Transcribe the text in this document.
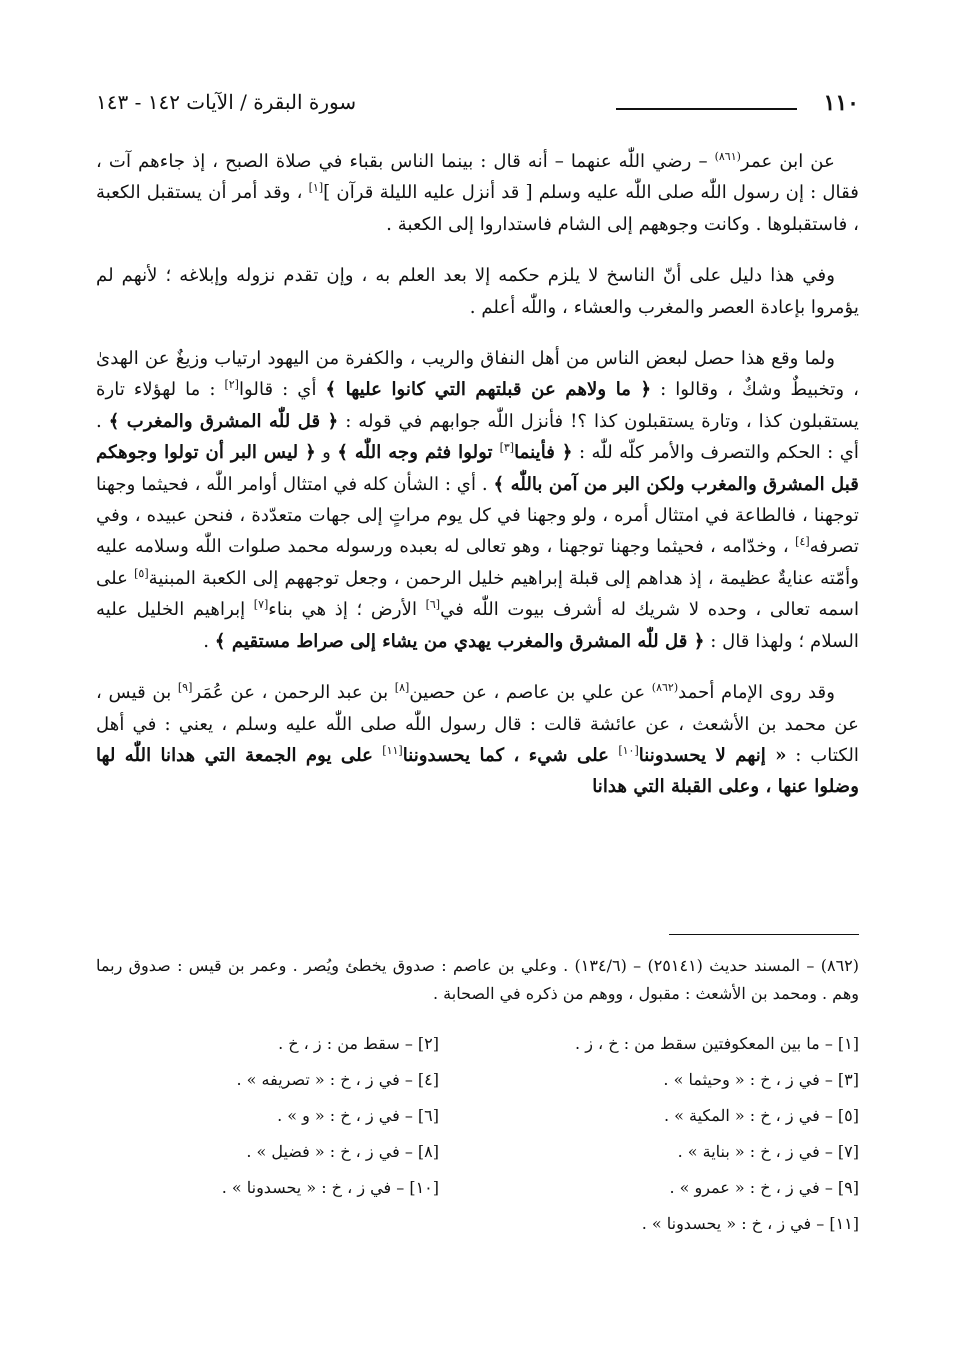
١١٠
سورة البقرة / الآيات ١٤٢ - ١٤٣

عن ابن عمر$^{(٨٦١)}$ – رضي اللّٰه عنهما – أنه قال : بينما الناس بقباء في صلاة الصبح ، إذ جاءهم آت ، فقال : إن رسول اللّٰه صلى اللّٰه عليه وسلم [ قد أنزل عليه الليلة قرآن ][١] ، وقد أمر أن يستقبل الكعبة ، فاستقبلوها . وكانت وجوههم إلى الشام فاستداروا إلى الكعبة .

وفي هذا دليل على أنّ الناسخ لا يلزم حكمه إلا بعد العلم به ، وإن تقدم نزوله وإبلاغه ؛ لأنهم لم يؤمروا بإعادة العصر والمغرب والعشاء ، واللّٰه أعلم .

ولما وقع هذا حصل لبعض الناس من أهل النفاق والريب ، والكفرة من اليهود ارتياب وزيغٌ عن الهدىٰ ، وتخبيطٌ وشكٌ ، وقالوا : ﴿ ما ولاهم عن قبلتهم التي كانوا عليها ﴾ أي : قالوا[٢] : ما لهؤلاء تارة يستقبلون كذا ، وتارة يستقبلون كذا ؟! فأنزل اللّٰه جوابهم في قوله : ﴿ قل للّٰه المشرق والمغرب ﴾ . أي : الحكم والتصرف والأمر كلّه للّٰه : ﴿ فأينما[٣] تولوا فثم وجه اللّٰه ﴾ و ﴿ ليس البر أن تولوا وجوهكم قبل المشرق والمغرب ولكن البر من آمن باللّٰه ﴾ . أي : الشأن كله في امتثال أوامر اللّٰه ، فحيثما وجهنا توجهنا ، فالطاعة في امتثال أمره ، ولو وجهنا في كل يوم مراتٍ إلى جهات متعدّدة ، فنحن عبيده ، وفي تصرفه[٤] ، وخدّامه ، فحيثما وجهنا توجهنا ، وهو تعالى له بعبده ورسوله محمد صلوات اللّٰه وسلامه عليه وأمّته عنايةٌ عظيمة ، إذ هداهم إلى قبلة إبراهيم خليل الرحمن ، وجعل توجههم إلى الكعبة المبنية[٥] على اسمه تعالى ، وحده لا شريك له أشرف بيوت اللّٰه في[٦] الأرض ؛ إذ هي بناء[٧] إبراهيم الخليل عليه السلام ؛ ولهذا قال : ﴿ قل للّٰه المشرق والمغرب يهدي من يشاء إلى صراط مستقيم ﴾ .

وقد روى الإمام أحمد$^{(٨٦٢)}$ عن علي بن عاصم ، عن حصين[٨] بن عبد الرحمن ، عن عُمَر[٩] بن قيس ، عن محمد بن الأشعث ، عن عائشة قالت : قال رسول اللّٰه صلى اللّٰه عليه وسلم ، يعني : في أهل الكتاب : « إنهم لا يحسدوننا[١٠] على شيء ، كما يحسدوننا[١١] على يوم الجمعة التي هدانا اللّٰه لها وضلوا عنها ، وعلى القبلة التي هدانا

(٨٦٢) – المسند حديث (٢٥١٤١) – (١٣٤/٦) . وعلي بن عاصم : صدوق يخطئ ويُصر . وعمر بن قيس : صدوق ربما وهم . ومحمد بن الأشعث : مقبول ، ووهم من ذكره في الصحابة .

[١] – ما بين المعكوفتين سقط من : خ ، ز .
[٢] – سقط من : ز ، خ .
[٣] – في ز ، خ : « وحيثما » .
[٤] – في ز ، خ : « تصريفه » .
[٥] – في ز ، خ : « المكية » .
[٦] – في ز ، خ : « و » .
[٧] – في ز ، خ : « بناية » .
[٨] – في ز ، خ : « فضيل » .
[٩] – في ز ، خ : « عمرو » .
[١٠] – في ز ، خ : « يحسدونا » .
[١١] – في ز ، خ : « يحسدونا » .
